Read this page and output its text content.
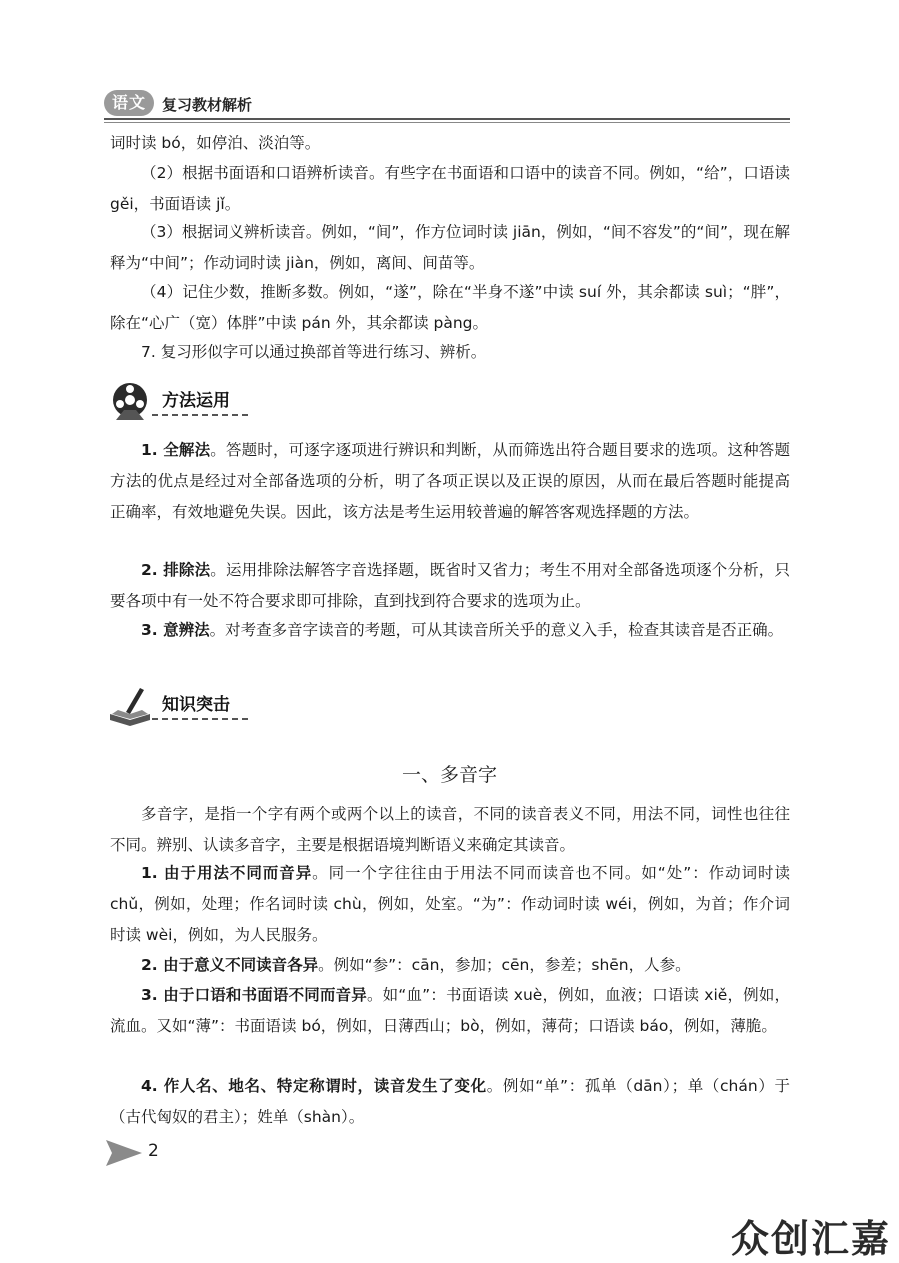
语文	复习教材解析

词时读 bó，如停泊、淡泊等。

（2）根据书面语和口语辨析读音。有些字在书面语和口语中的读音不同。例如，“给”，口语读 gěi，书面语读 jǐ。

（3）根据词义辨析读音。例如，“间”，作方位词时读 jiān，例如，“间不容发”的“间”，现在解释为“中间”；作动词时读 jiàn，例如，离间、间苗等。

（4）记住少数，推断多数。例如，“遂”，除在“半身不遂”中读 suí 外，其余都读 suì；“胖”，除在“心广（宽）体胖”中读 pán 外，其余都读 pàng。

7. 复习形似字可以通过换部首等进行练习、辨析。

方法运用

1. 全解法。答题时，可逐字逐项进行辨识和判断，从而筛选出符合题目要求的选项。这种答题方法的优点是经过对全部备选项的分析，明了各项正误以及正误的原因，从而在最后答题时能提高正确率，有效地避免失误。因此，该方法是考生运用较普遍的解答客观选择题的方法。

2. 排除法。运用排除法解答字音选择题，既省时又省力；考生不用对全部备选项逐个分析，只要各项中有一处不符合要求即可排除，直到找到符合要求的选项为止。

3. 意辨法。对考查多音字读音的考题，可从其读音所关乎的意义入手，检查其读音是否正确。

知识突击
一、多音字

多音字，是指一个字有两个或两个以上的读音，不同的读音表义不同，用法不同，词性也往往不同。辨别、认读多音字，主要是根据语境判断语义来确定其读音。

1. 由于用法不同而音异。同一个字往往由于用法不同而读音也不同。如“处”：作动词时读 chǔ，例如，处理；作名词时读 chù，例如，处室。“为”：作动词时读 wéi，例如，为首；作介词时读 wèi，例如，为人民服务。

2. 由于意义不同读音各异。例如“参”：cān，参加；cēn，参差；shēn，人参。

3. 由于口语和书面语不同而音异。如“血”：书面语读 xuè，例如，血液；口语读 xiě，例如，流血。又如“薄”：书面语读 bó，例如，日薄西山；bò，例如，薄荷；口语读 báo，例如，薄脆。

4. 作人名、地名、特定称谓时，读音发生了变化。例如“单”：孤单（dān）；单（chán）于（古代匈奴的君主）；姓单（shàn）。

2
众创汇嘉
